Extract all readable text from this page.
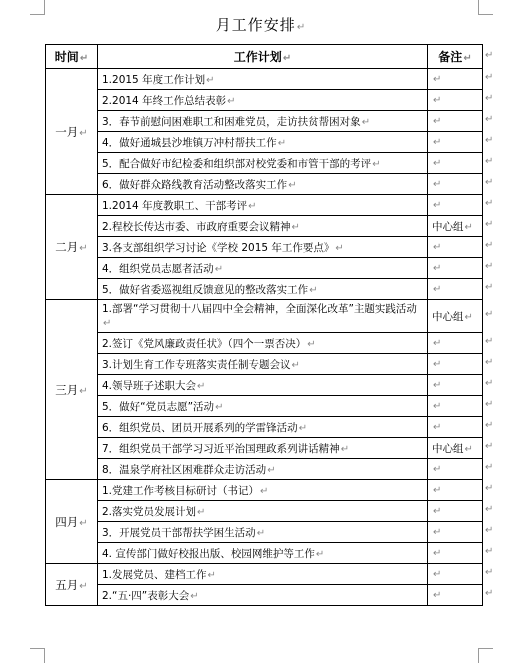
月工作安排↵
时间↵	工作计划↵	备注↵
一月↵	1.2015 年度工作计划↵	↵
	2.2014 年终工作总结表彰↵	↵
	3．春节前慰问困难职工和困难党员，走访扶贫帮困对象↵	↵
	4．做好通城县沙堆镇万冲村帮扶工作↵	↵
	5．配合做好市纪检委和组织部对校党委和市管干部的考评↵	↵
	6．做好群众路线教育活动整改落实工作↵	↵
二月↵	1.2014 年度教职工、干部考评↵	↵
	2.程校长传达市委、市政府重要会议精神↵	中心组↵
	3.各支部组织学习讨论《学校 2015 年工作要点》↵	↵
	4．组织党员志愿者活动↵	↵
	5．做好省委巡视组反馈意见的整改落实工作↵	↵
三月↵	1.部署“学习贯彻十八届四中全会精神，全面深化改革”主题实践活动↵	中心组↵
	2.签订《党风廉政责任状》（四个一票否决）↵	↵
	3.计划生育工作专班落实责任制专题会议↵	↵
	4.领导班子述职大会↵	↵
	5．做好“党员志愿”活动↵	↵
	6．组织党员、团员开展系列的学雷锋活动↵	↵
	7．组织党员干部学习习近平治国理政系列讲话精神↵	中心组↵
	8．温泉学府社区困难群众走访活动↵	↵
四月↵	1.党建工作考核目标研讨（书记）↵	↵
	2.落实党员发展计划↵	↵
	3．开展党员干部帮扶学困生活动↵	↵
	4. 宣传部门做好校报出版、校园网维护等工作↵	↵
五月↵	1.发展党员、建档工作↵	↵
	2.“五·四”表彰大会↵	↵
↵
↵
↵
↵
↵
↵
↵
↵
↵
↵
↵
↵
↵
↵
↵
↵
↵
↵
↵
↵
↵
↵
↵
↵
↵
↵
